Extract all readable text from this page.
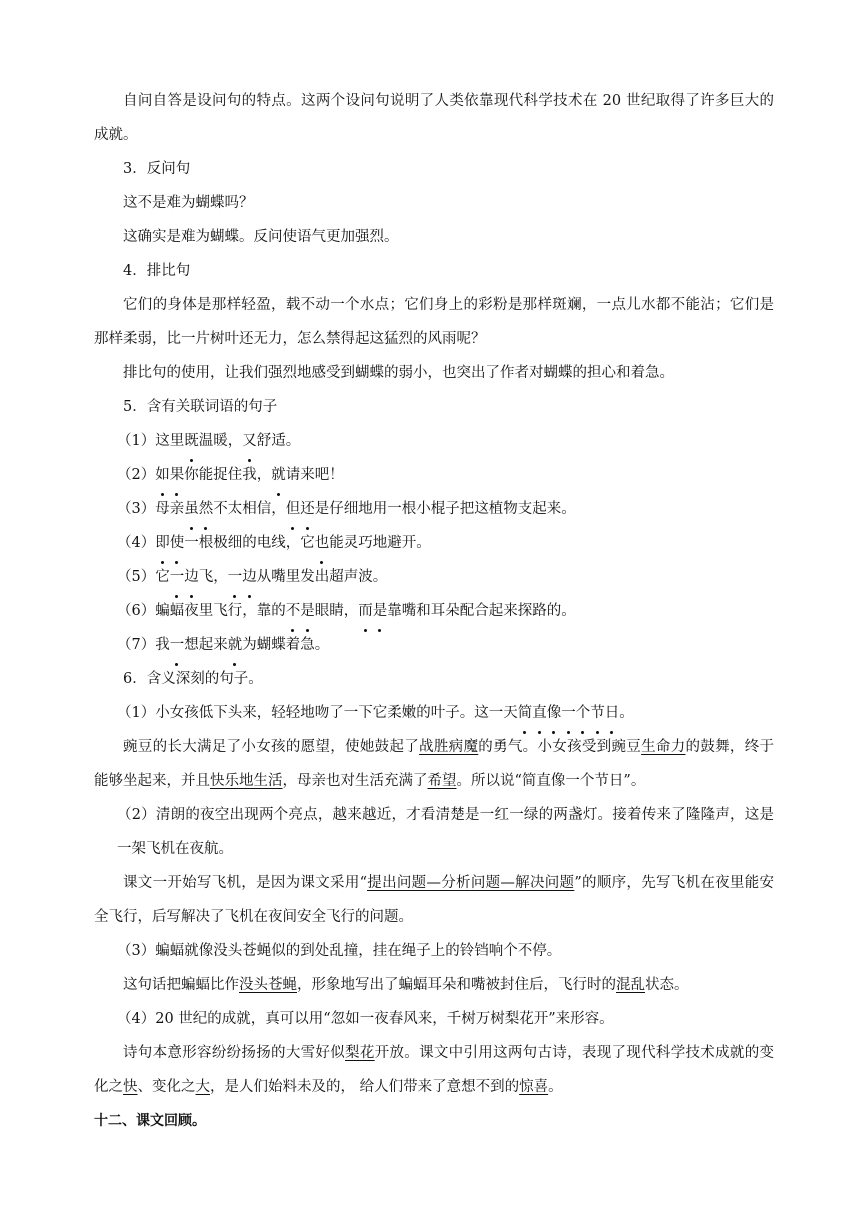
自问自答是设问句的特点。这两个设问句说明了人类依靠现代科学技术在 20 世纪取得了许多巨大的成就。

3．反问句

这不是难为蝴蝶吗？

这确实是难为蝴蝶。反问使语气更加强烈。

4．排比句

它们的身体是那样轻盈，载不动一个水点；它们身上的彩粉是那样斑斓，一点儿水都不能沾；它们是那样柔弱，比一片树叶还无力，怎么禁得起这猛烈的风雨呢？

排比句的使用，让我们强烈地感受到蝴蝶的弱小，也突出了作者对蝴蝶的担心和着急。

5．含有关联词语的句子

（1）这里既温暖，又舒适。

（2）如果你能捉住我，就请来吧！

（3）母亲虽然不太相信，但还是仔细地用一根小棍子把这植物支起来。

（4）即使一根极细的电线，它也能灵巧地避开。

（5）它一边飞，一边从嘴里发出超声波。

（6）蝙蝠夜里飞行，靠的不是眼睛，而是靠嘴和耳朵配合起来探路的。

（7）我一想起来就为蝴蝶着急。

6．含义深刻的句子。

（1）小女孩低下头来，轻轻地吻了一下它柔嫩的叶子。这一天简直像一个节日。

豌豆的长大满足了小女孩的愿望，使她鼓起了战胜病魔的勇气。小女孩受到豌豆生命力的鼓舞，终于能够坐起来，并且快乐地生活，母亲也对生活充满了希望。所以说“简直像一个节日”。

（2）清朗的夜空出现两个亮点，越来越近，才看清楚是一红一绿的两盏灯。接着传来了隆隆声，这是一架飞机在夜航。

课文一开始写飞机，是因为课文采用“提出问题—分析问题—解决问题”的顺序，先写飞机在夜里能安全飞行，后写解决了飞机在夜间安全飞行的问题。

（3）蝙蝠就像没头苍蝇似的到处乱撞，挂在绳子上的铃铛响个不停。

这句话把蝙蝠比作没头苍蝇，形象地写出了蝙蝠耳朵和嘴被封住后，飞行时的混乱状态。

（4）20 世纪的成就，真可以用“忽如一夜春风来，千树万树梨花开”来形容。

诗句本意形容纷纷扬扬的大雪好似梨花开放。课文中引用这两句古诗，表现了现代科学技术成就的变化之快、变化之大，是人们始料未及的， 给人们带来了意想不到的惊喜。

十二、课文回顾。
